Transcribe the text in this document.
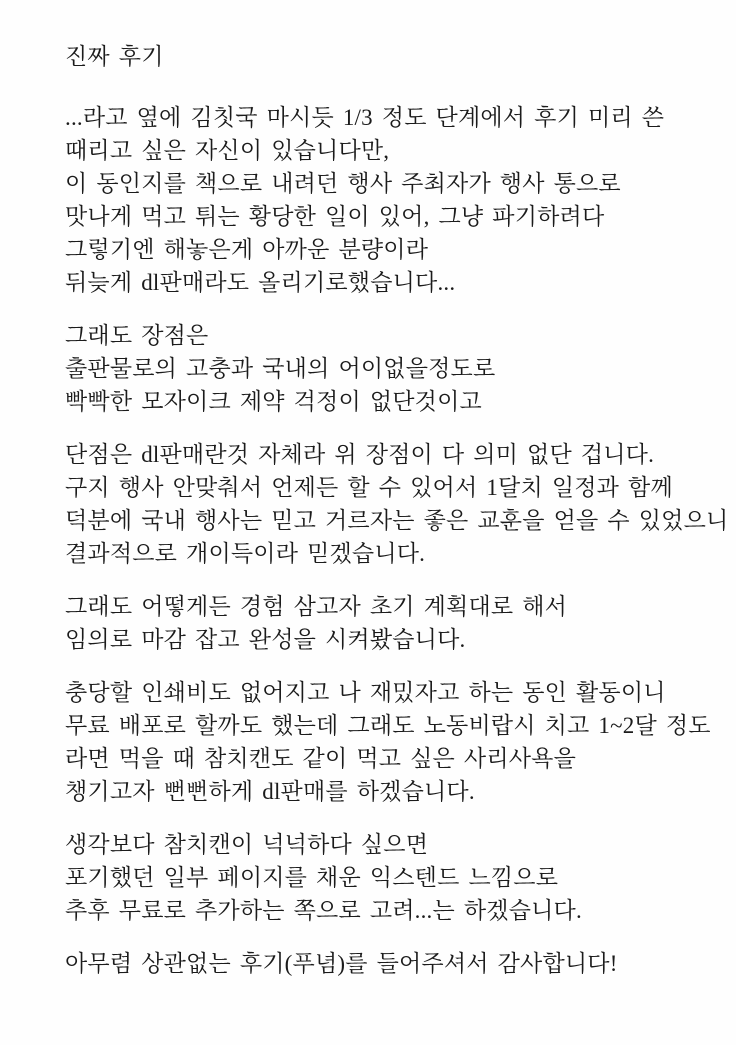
진짜 후기

...라고 옆에 김칫국 마시듯 1/3 정도 단계에서 후기 미리 쓴
때리고 싶은 자신이 있습니다만,
이 동인지를 책으로 내려던 행사 주최자가 행사 통으로
맛나게 먹고 튀는 황당한 일이 있어, 그냥 파기하려다
그렇기엔 해놓은게 아까운 분량이라
뒤늦게 dl판매라도 올리기로했습니다...

그래도 장점은
출판물로의 고충과 국내의 어이없을정도로
빡빡한 모자이크 제약 걱정이 없단것이고

단점은 dl판매란것 자체라 위 장점이 다 의미 없단 겁니다.
구지 행사 안맞춰서 언제든 할 수 있어서 1달치 일정과 함께
덕분에 국내 행사는 믿고 거르자는 좋은 교훈을 얻을 수 있었으니
결과적으로 개이득이라 믿겠습니다.

그래도 어떻게든 경험 삼고자 초기 계획대로 해서
임의로 마감 잡고 완성을 시켜봤습니다.

충당할 인쇄비도 없어지고 나 재밌자고 하는 동인 활동이니
무료 배포로 할까도 했는데 그래도 노동비랍시 치고 1~2달 정도
라면 먹을 때 참치캔도 같이 먹고 싶은 사리사욕을
챙기고자 뻔뻔하게 dl판매를 하겠습니다.

생각보다 참치캔이 넉넉하다 싶으면
포기했던 일부 페이지를 채운 익스텐드 느낌으로
추후 무료로 추가하는 쪽으로 고려...는 하겠습니다.

아무렴 상관없는 후기(푸념)를 들어주셔서 감사합니다!
